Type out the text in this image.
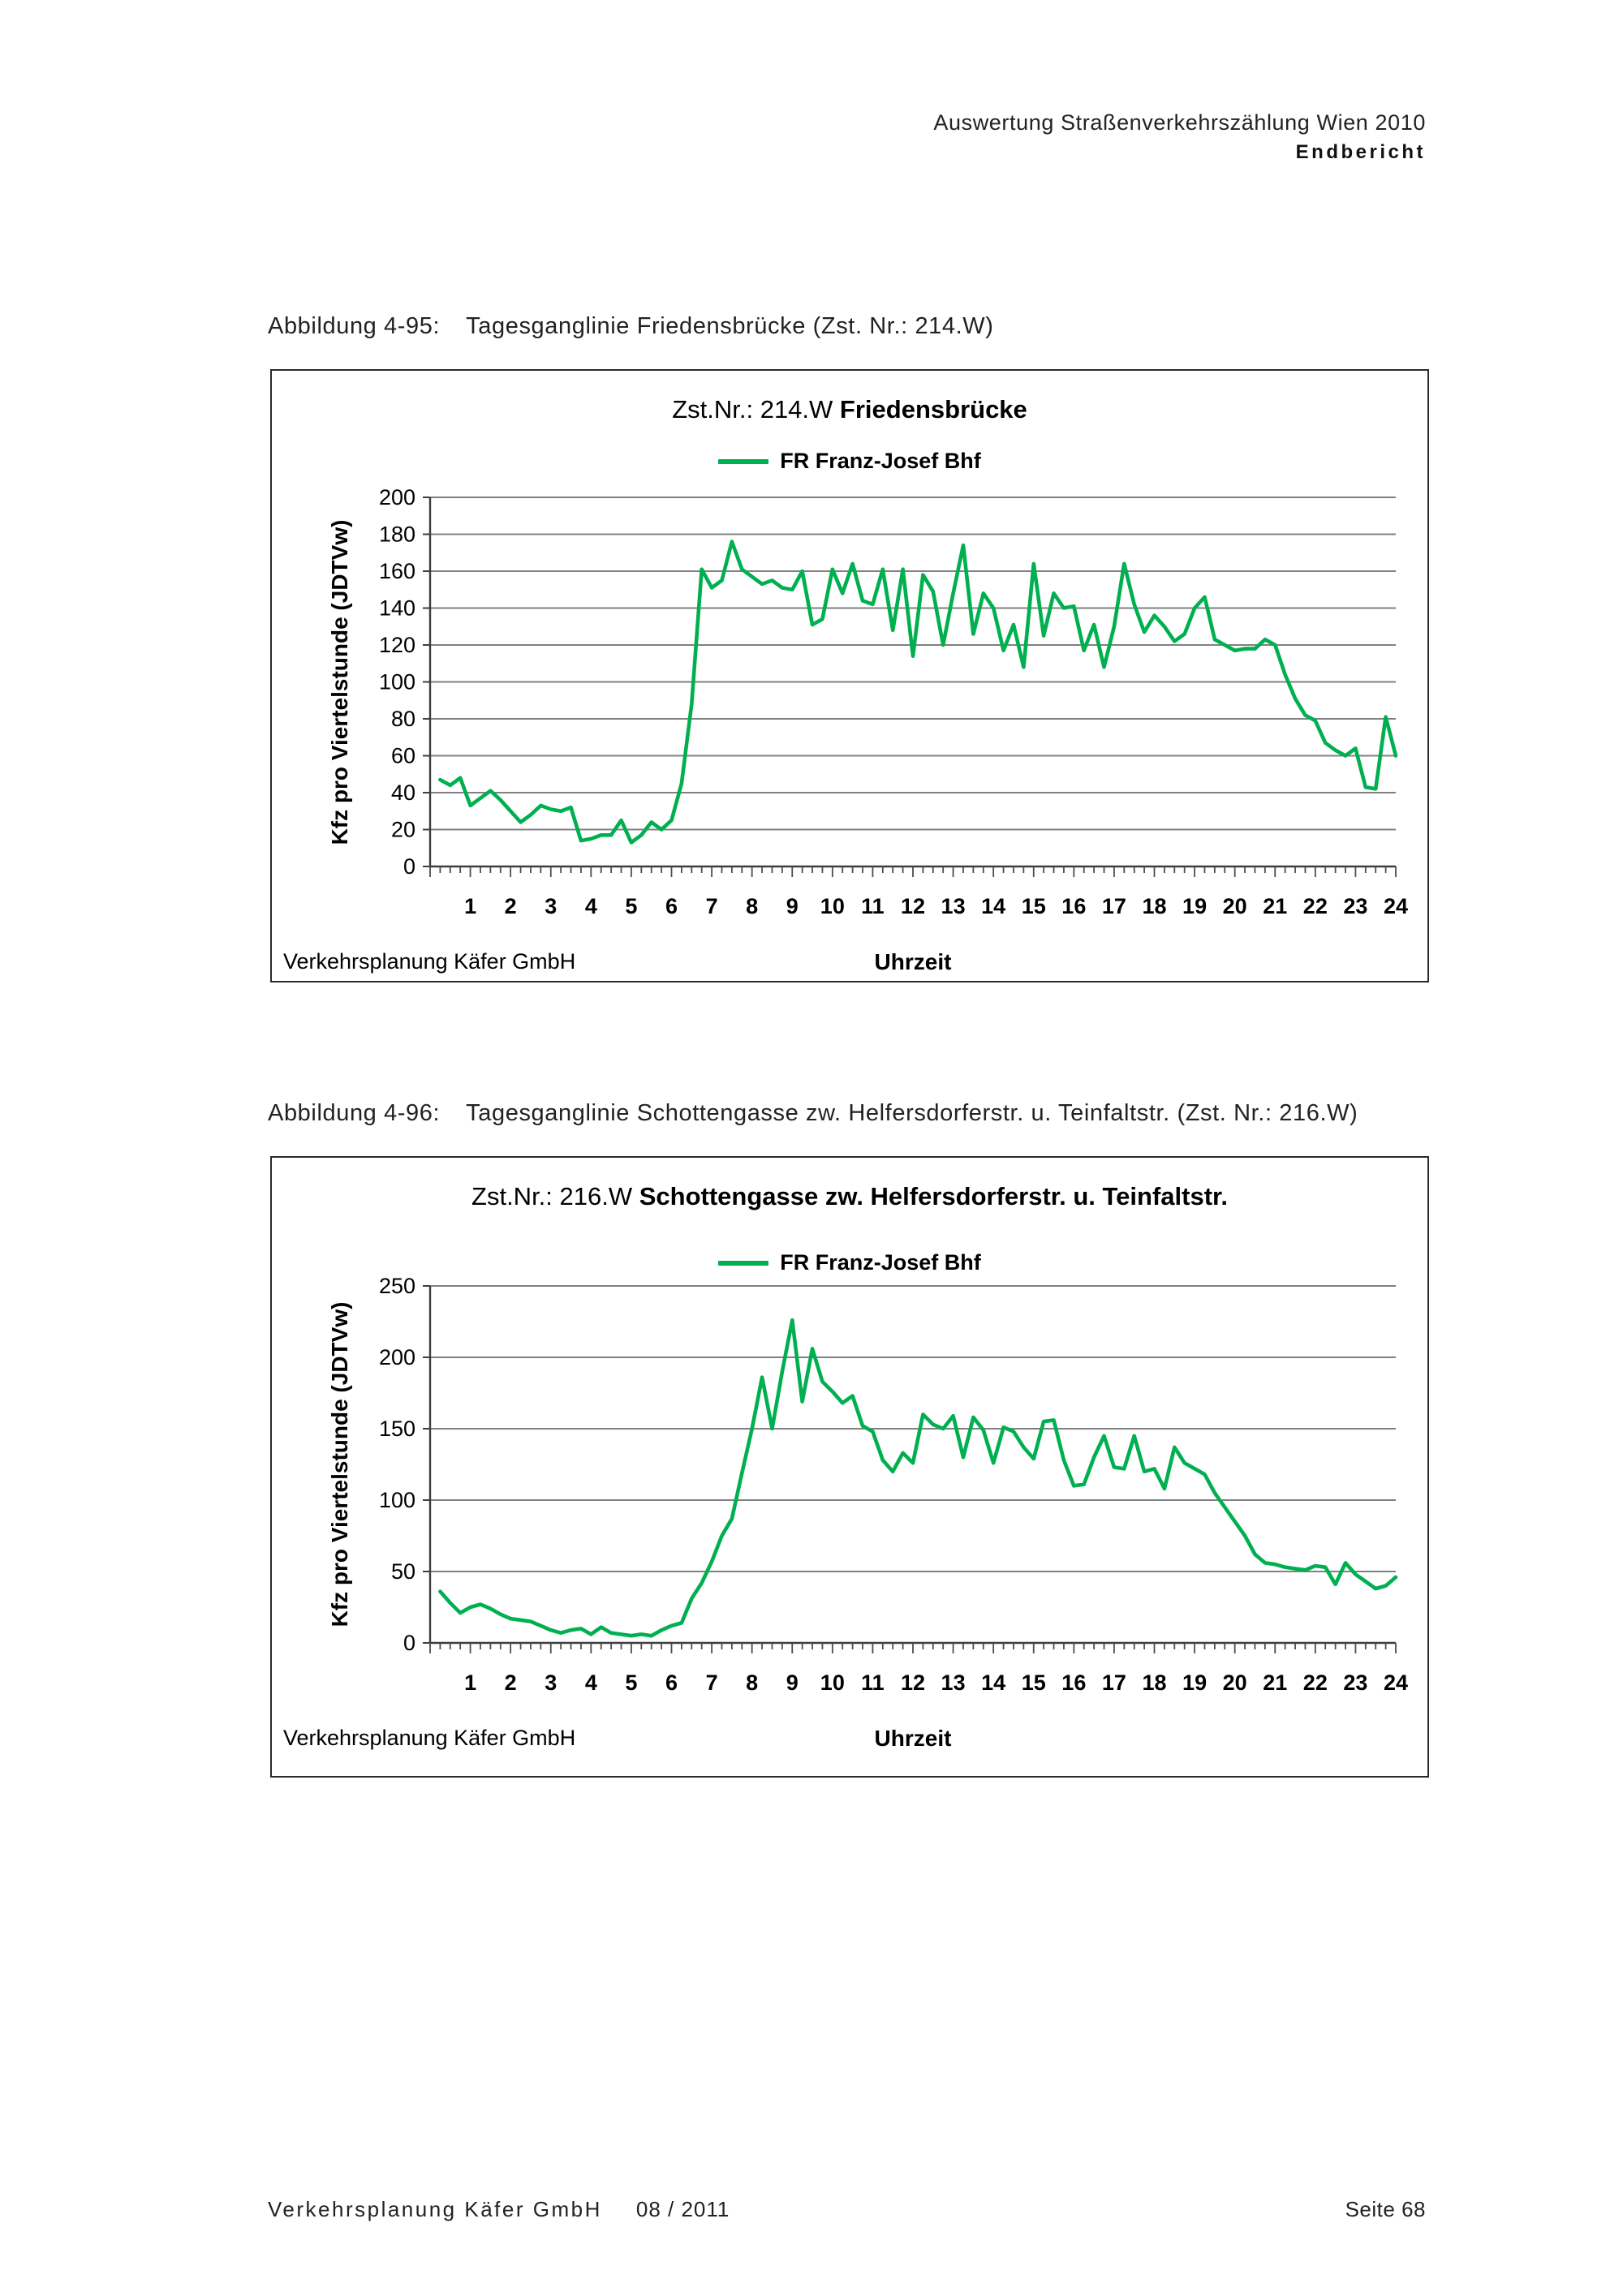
Auswertung Straßenverkehrszählung Wien 2010
Endbericht
Abbildung 4-95: Tagesganglinie Friedensbrücke (Zst. Nr.: 214.W)
Zst.Nr.: 214.W Friedensbrücke
FR Franz-Josef Bhf
Kfz pro Viertelstunde (JDTVw)
0
20
40
60
80
100
120
140
160
180
200
1 2 3 4 5 6 7 8 9 10 11 12 13 14 15 16 17 18 19 20 21 22 23 24
Verkehrsplanung Käfer GmbH	Uhrzeit
Abbildung 4-96: Tagesganglinie Schottengasse zw. Helfersdorferstr. u. Teinfaltstr. (Zst. Nr.: 216.W)
Zst.Nr.: 216.W Schottengasse zw. Helfersdorferstr. u. Teinfaltstr.
FR Franz-Josef Bhf
Kfz pro Viertelstunde (JDTVw)
0
50
100
150
200
250
1 2 3 4 5 6 7 8 9 10 11 12 13 14 15 16 17 18 19 20 21 22 23 24
Verkehrsplanung Käfer GmbH	Uhrzeit
Verkehrsplanung Käfer GmbH 08 / 2011	Seite 68
